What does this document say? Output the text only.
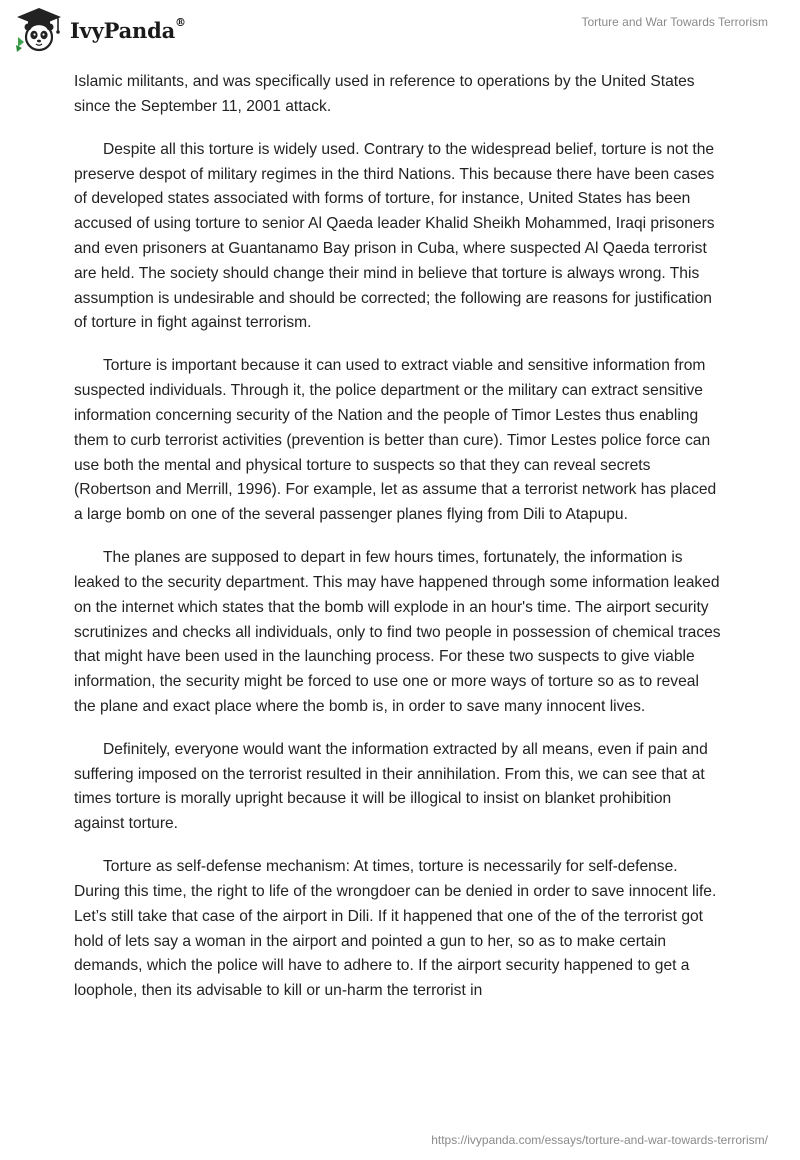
IvyPanda®	Torture and War Towards Terrorism

Islamic militants, and was specifically used in reference to operations by the United States since the September 11, 2001 attack.

Despite all this torture is widely used. Contrary to the widespread belief, torture is not the preserve despot of military regimes in the third Nations. This because there have been cases of developed states associated with forms of torture, for instance, United States has been accused of using torture to senior Al Qaeda leader Khalid Sheikh Mohammed, Iraqi prisoners and even prisoners at Guantanamo Bay prison in Cuba, where suspected Al Qaeda terrorist are held. The society should change their mind in believe that torture is always wrong. This assumption is undesirable and should be corrected; the following are reasons for justification of torture in fight against terrorism.

Torture is important because it can used to extract viable and sensitive information from suspected individuals. Through it, the police department or the military can extract sensitive information concerning security of the Nation and the people of Timor Lestes thus enabling them to curb terrorist activities (prevention is better than cure). Timor Lestes police force can use both the mental and physical torture to suspects so that they can reveal secrets (Robertson and Merrill, 1996). For example, let as assume that a terrorist network has placed a large bomb on one of the several passenger planes flying from Dili to Atapupu.

The planes are supposed to depart in few hours times, fortunately, the information is leaked to the security department. This may have happened through some information leaked on the internet which states that the bomb will explode in an hour's time. The airport security scrutinizes and checks all individuals, only to find two people in possession of chemical traces that might have been used in the launching process. For these two suspects to give viable information, the security might be forced to use one or more ways of torture so as to reveal the plane and exact place where the bomb is, in order to save many innocent lives.

Definitely, everyone would want the information extracted by all means, even if pain and suffering imposed on the terrorist resulted in their annihilation. From this, we can see that at times torture is morally upright because it will be illogical to insist on blanket prohibition against torture.

Torture as self-defense mechanism: At times, torture is necessarily for self-defense. During this time, the right to life of the wrongdoer can be denied in order to save innocent life. Let’s still take that case of the airport in Dili. If it happened that one of the of the terrorist got hold of lets say a woman in the airport and pointed a gun to her, so as to make certain demands, which the police will have to adhere to. If the airport security happened to get a loophole, then its advisable to kill or un-harm the terrorist in

https://ivypanda.com/essays/torture-and-war-towards-terrorism/
